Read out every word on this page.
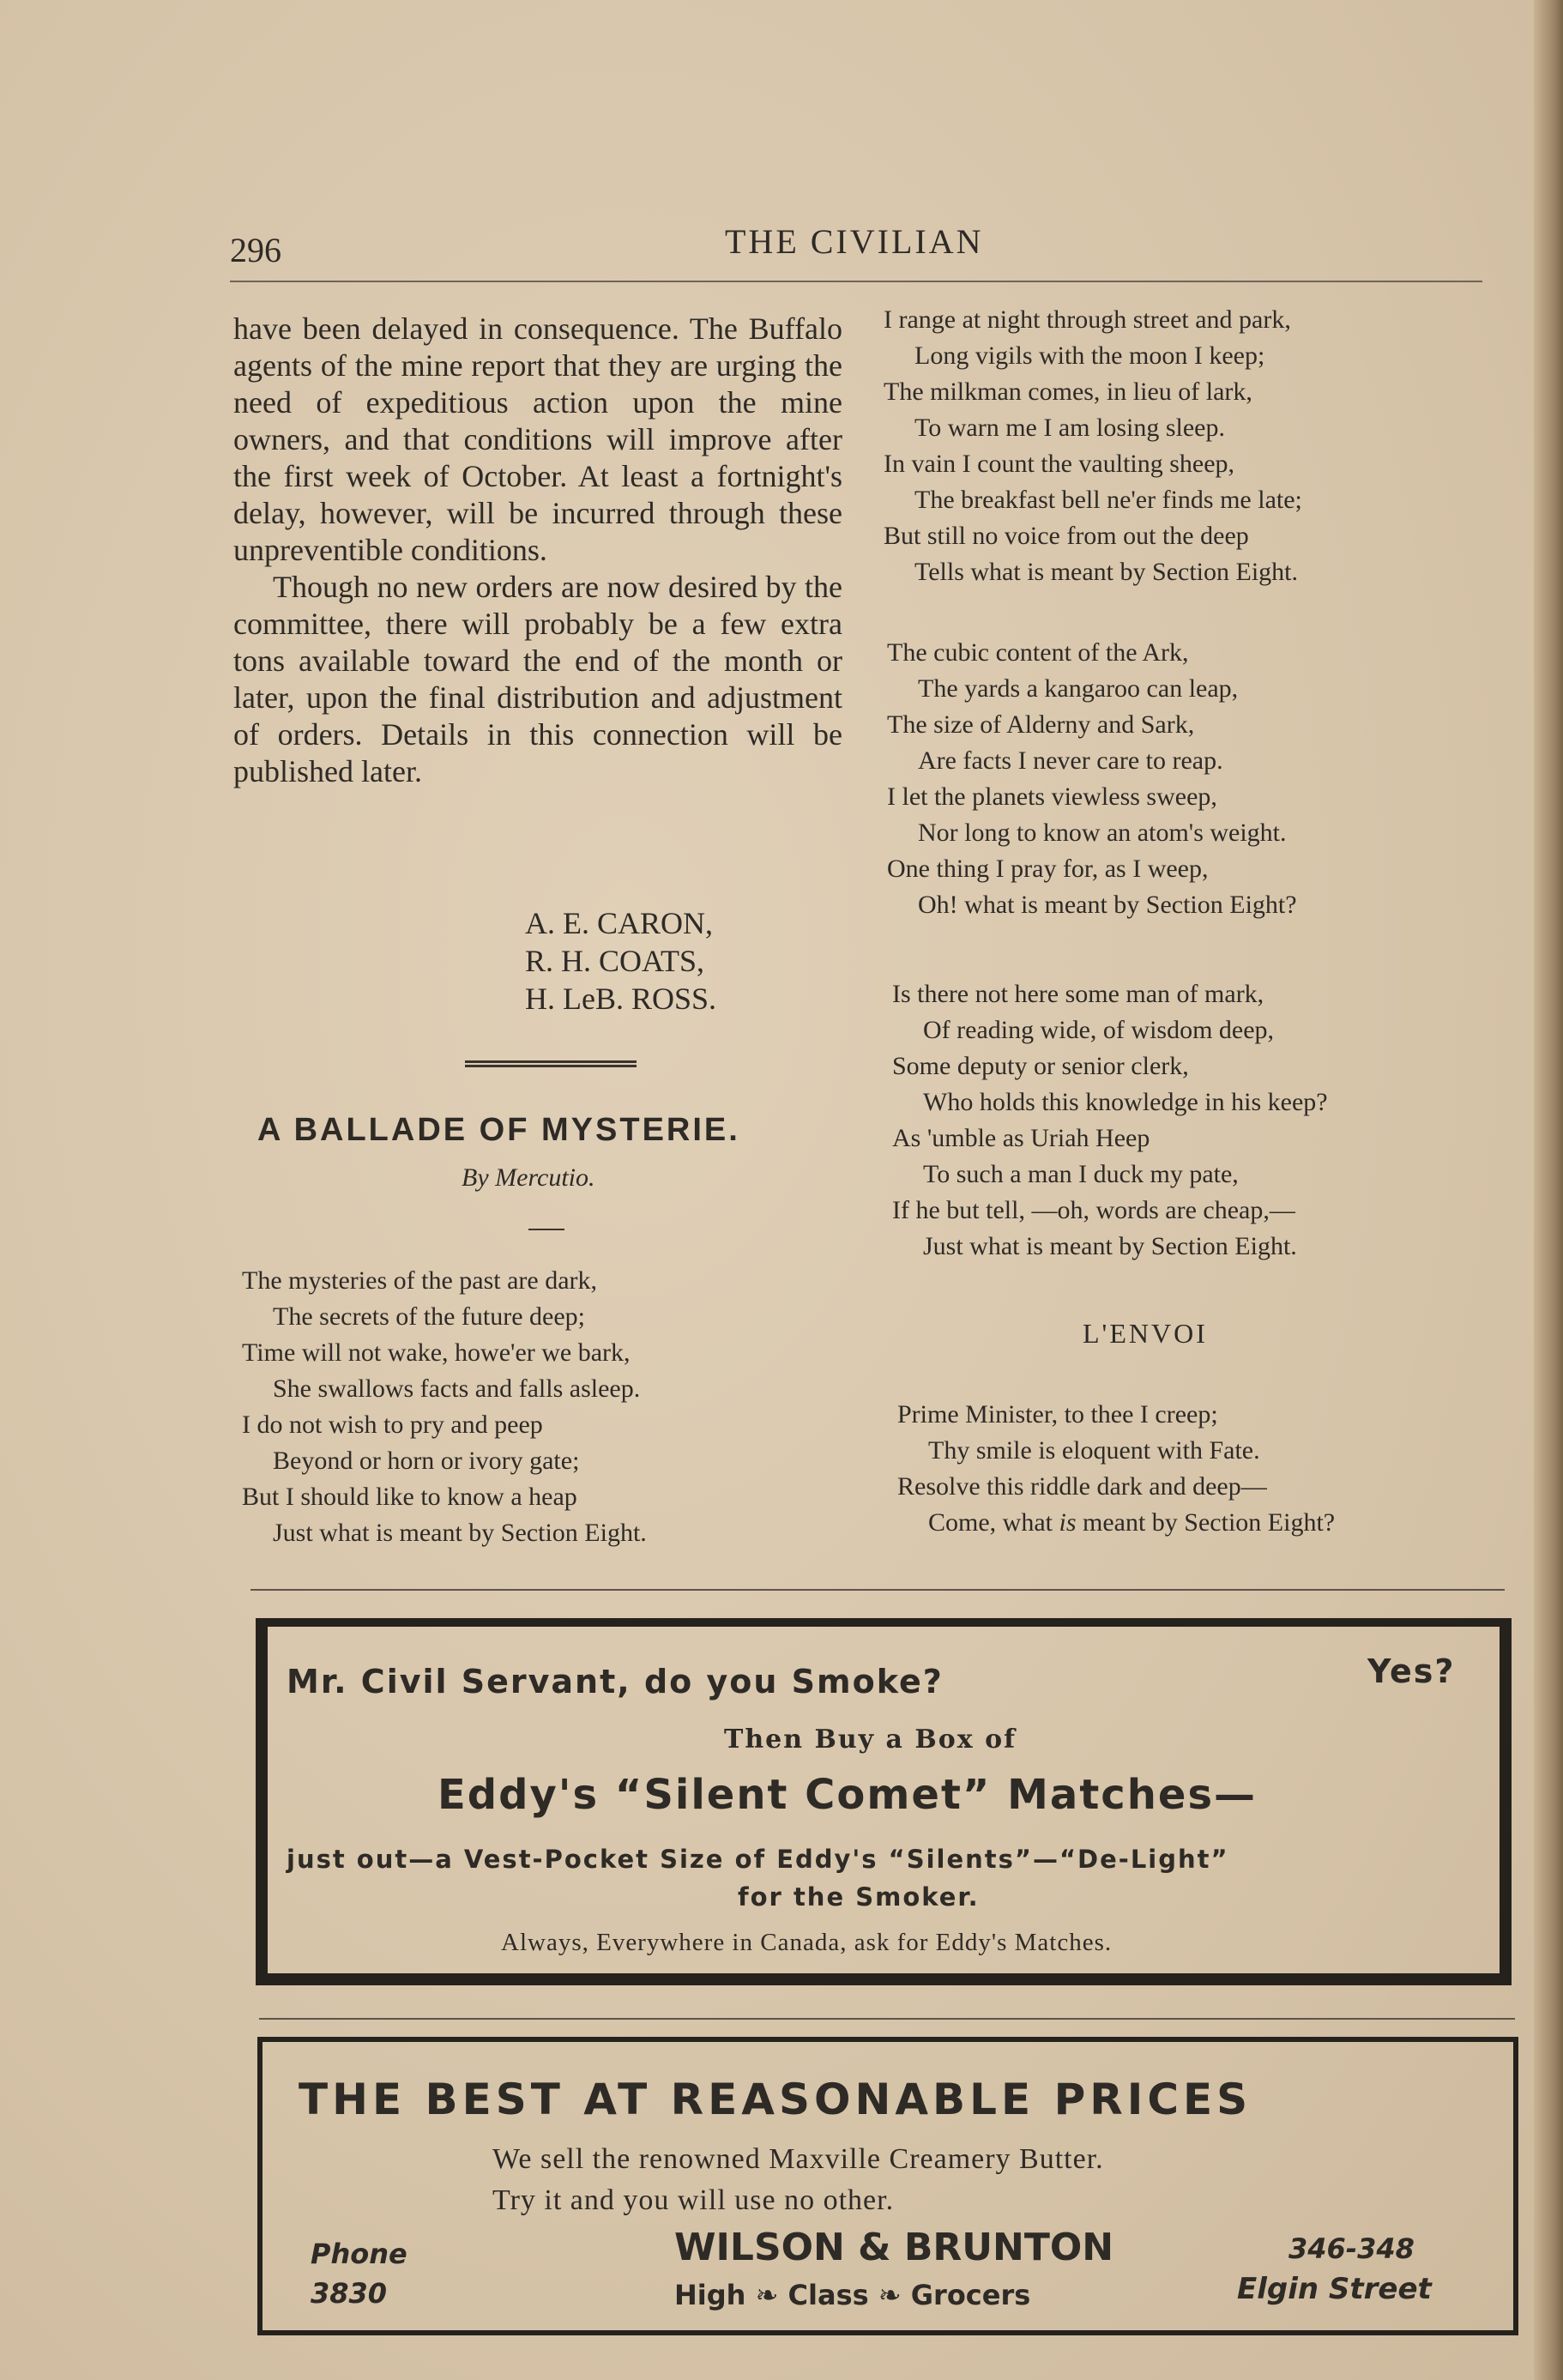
296	THE CIVILIAN

have been delayed in consequence. The Buffalo agents of the mine report that they are urging the need of expeditious action upon the mine owners, and that conditions will improve after the first week of October. At least a fortnight's delay, however, will be incurred through these unpreventible conditions.

Though no new orders are now desired by the committee, there will probably be a few extra tons available toward the end of the month or later, upon the final distribution and adjustment of orders. Details in this connection will be published later.

A. E. CARON,
R. H. COATS,
H. LeB. ROSS.
A BALLADE OF MYSTERIE.
By Mercutio.
The mysteries of the past are dark,
The secrets of the future deep;
Time will not wake, howe'er we bark,
She swallows facts and falls asleep.
I do not wish to pry and peep
Beyond or horn or ivory gate;
But I should like to know a heap
Just what is meant by Section Eight.
I range at night through street and park,
Long vigils with the moon I keep;
The milkman comes, in lieu of lark,
To warn me I am losing sleep.
In vain I count the vaulting sheep,
The breakfast bell ne'er finds me late;
But still no voice from out the deep
Tells what is meant by Section Eight.
The cubic content of the Ark,
The yards a kangaroo can leap,
The size of Alderny and Sark,
Are facts I never care to reap.
I let the planets viewless sweep,
Nor long to know an atom's weight.
One thing I pray for, as I weep,
Oh! what is meant by Section Eight?
Is there not here some man of mark,
Of reading wide, of wisdom deep,
Some deputy or senior clerk,
Who holds this knowledge in his keep?
As 'umble as Uriah Heep
To such a man I duck my pate,
If he but tell, —oh, words are cheap,—
Just what is meant by Section Eight.
L'ENVOI
Prime Minister, to thee I creep;
Thy smile is eloquent with Fate.
Resolve this riddle dark and deep—
Come, what is meant by Section Eight?
Mr. Civil Servant, do you Smoke?	Yes?
Then Buy a Box of
Eddy's “Silent Comet” Matches—
just out—a Vest-Pocket Size of Eddy's “Silents”—“De-Light”
for the Smoker.
Always, Everywhere in Canada, ask for Eddy's Matches.
THE BEST AT REASONABLE PRICES
We sell the renowned Maxville Creamery Butter.
Try it and you will use no other.
Phone
3830
WILSON & BRUNTON
High ❧ Class ❧ Grocers
346-348
Elgin Street
